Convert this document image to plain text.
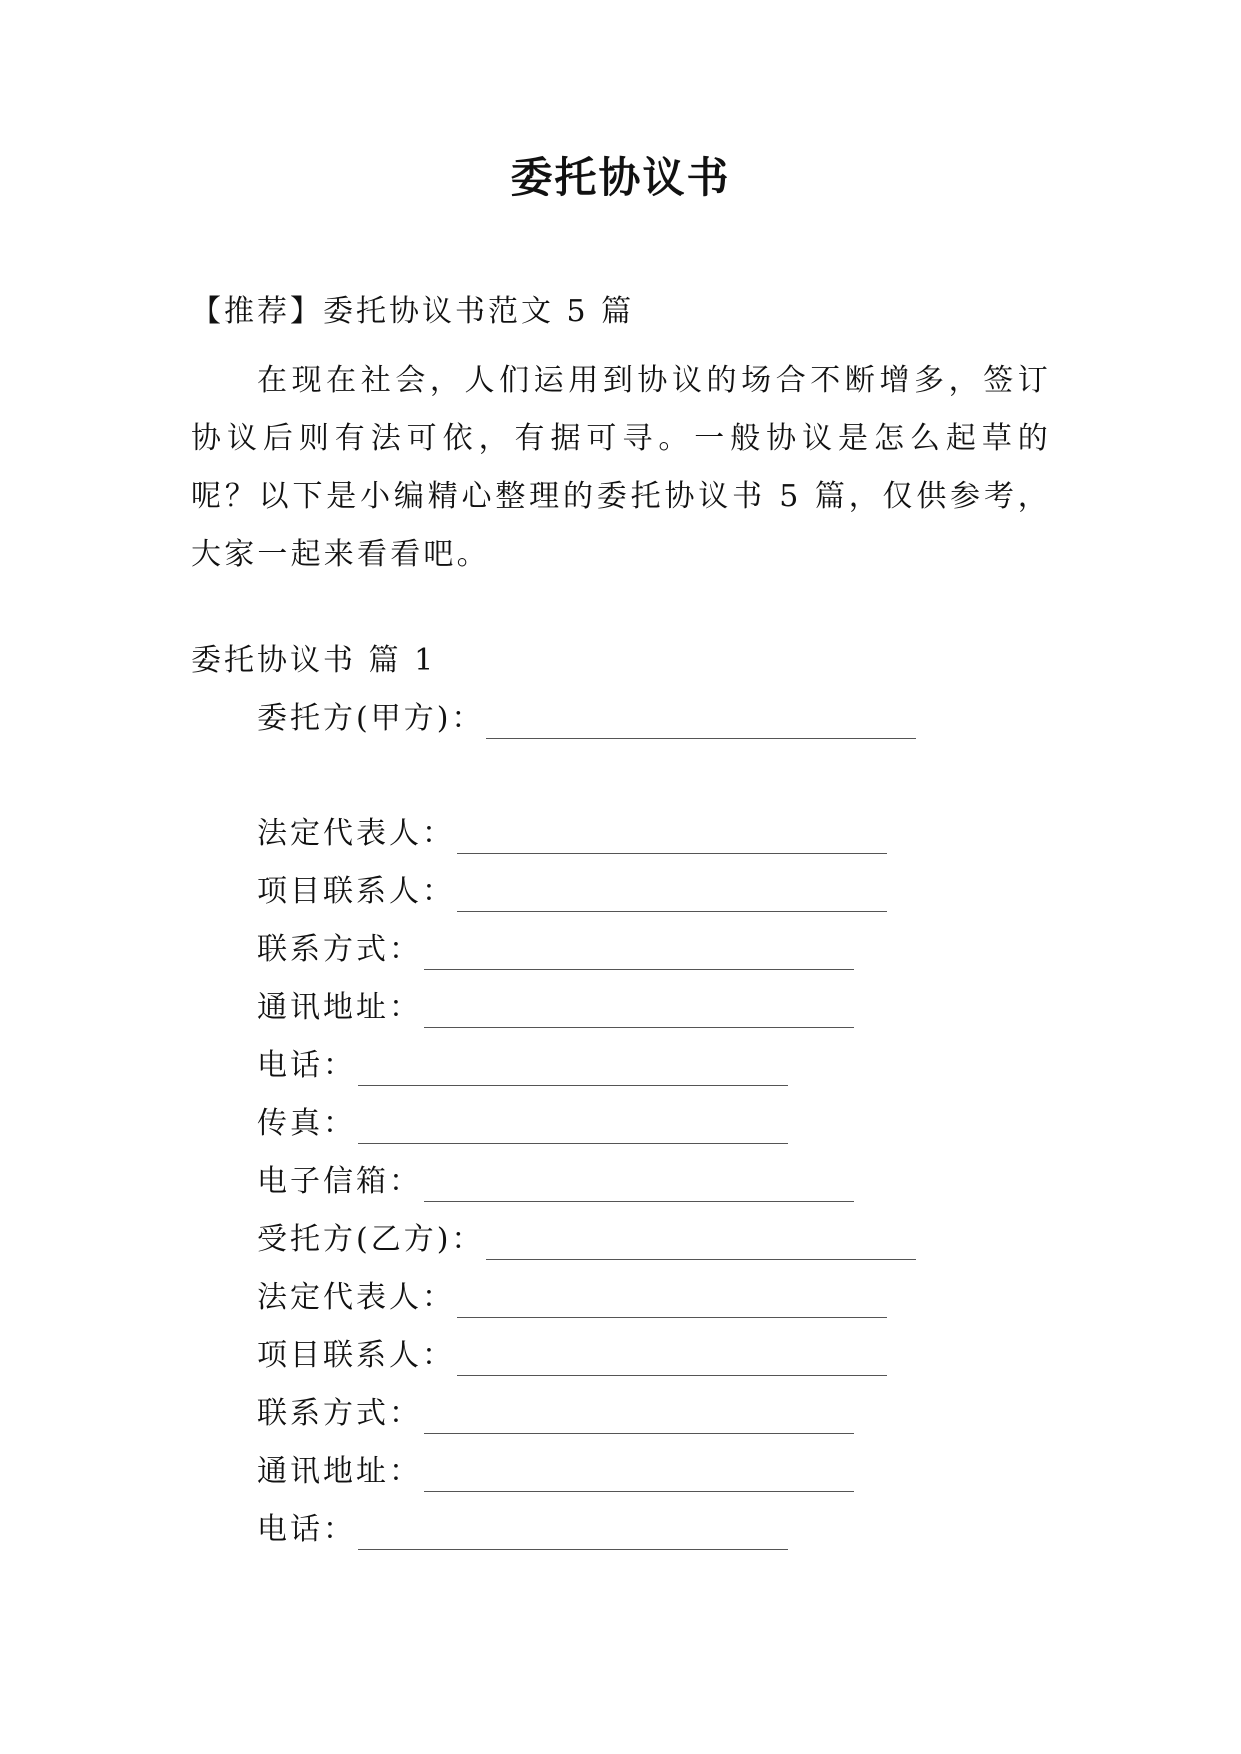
委托协议书
【推荐】委托协议书范文 5 篇
在现在社会，人们运用到协议的场合不断增多，签订协议后则有法可依，有据可寻。一般协议是怎么起草的呢？以下是小编精心整理的委托协议书 5 篇，仅供参考，大家一起来看看吧。
委托协议书 篇 1
委托方(甲方)：
法定代表人：
项目联系人：
联系方式：
通讯地址：
电话：
传真：
电子信箱：
受托方(乙方)：
法定代表人：
项目联系人：
联系方式：
通讯地址：
电话：
